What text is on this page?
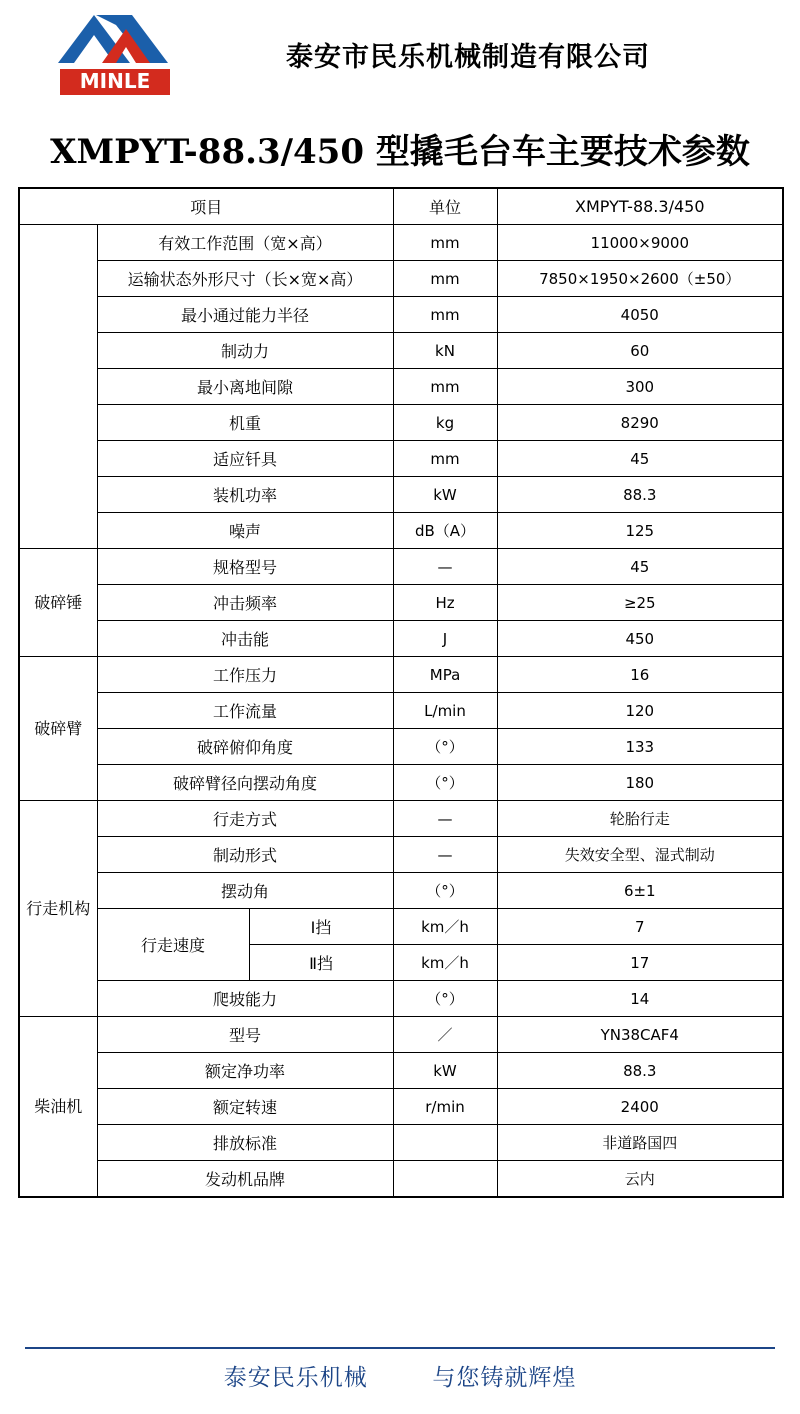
MINLE
泰安市民乐机械制造有限公司
XMPYT-88.3/450 型撬毛台车主要技术参数
项目			单位	XMPYT-88.3/450
	有效工作范围（宽×高）		mm	11000×9000
	运输状态外形尺寸（长×宽×高）		mm	7850×1950×2600（±50）
	最小通过能力半径		mm	4050
	制动力		kN	60
	最小离地间隙		mm	300
	机重		kg	8290
	适应钎具		mm	45
	装机功率		kW	88.3
	噪声		dB（A）	125
破碎锤	规格型号		—	45
	冲击频率		Hz	≥25
	冲击能		J	450
破碎臂	工作压力		MPa	16
	工作流量		L/min	120
	破碎俯仰角度		（°）	133
	破碎臂径向摆动角度		（°）	180
行走机构	行走方式		—	轮胎行走
	制动形式		—	失效安全型、湿式制动
	摆动角		（°）	6±1
	行走速度	Ⅰ挡	km／h	7
		Ⅱ挡	km／h	17
	爬坡能力		（°）	14
柴油机	型号		／	YN38CAF4
	额定净功率		kW	88.3
	额定转速		r/min	2400
	排放标准			非道路国四
	发动机品牌			云内
泰安民乐机械	与您铸就辉煌
